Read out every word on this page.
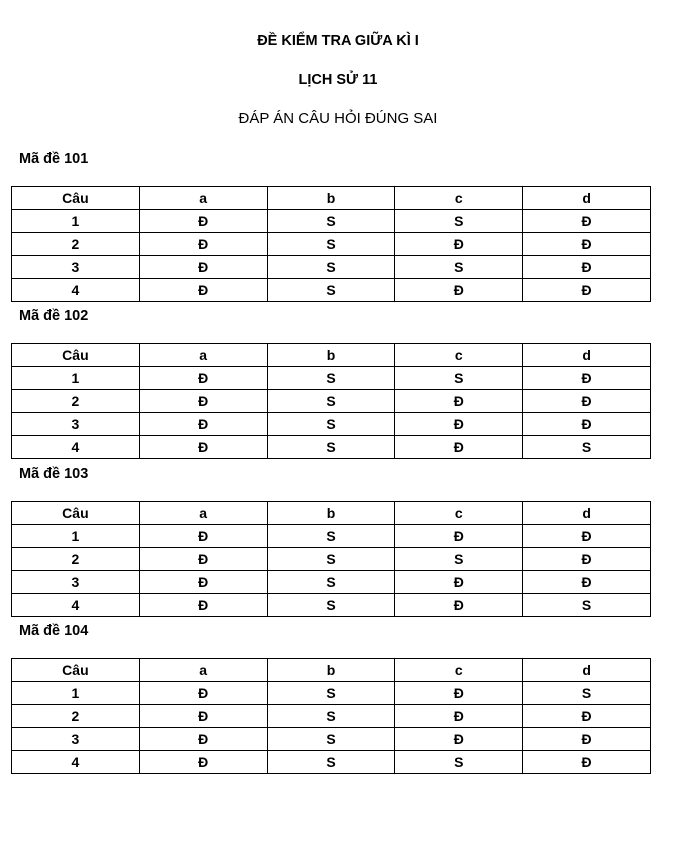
ĐỀ KIỂM TRA GIỮA KÌ I
LỊCH SỬ 11
ĐÁP ÁN CÂU HỎI ĐÚNG SAI
Mã đề 101
Câu	a	b	c	d
1	Đ	S	S	Đ
2	Đ	S	Đ	Đ
3	Đ	S	S	Đ
4	Đ	S	Đ	Đ
Mã đề 102
Câu	a	b	c	d
1	Đ	S	S	Đ
2	Đ	S	Đ	Đ
3	Đ	S	Đ	Đ
4	Đ	S	Đ	S
Mã đề 103
Câu	a	b	c	d
1	Đ	S	Đ	Đ
2	Đ	S	S	Đ
3	Đ	S	Đ	Đ
4	Đ	S	Đ	S
Mã đề 104
Câu	a	b	c	d
1	Đ	S	Đ	S
2	Đ	S	Đ	Đ
3	Đ	S	Đ	Đ
4	Đ	S	S	Đ
